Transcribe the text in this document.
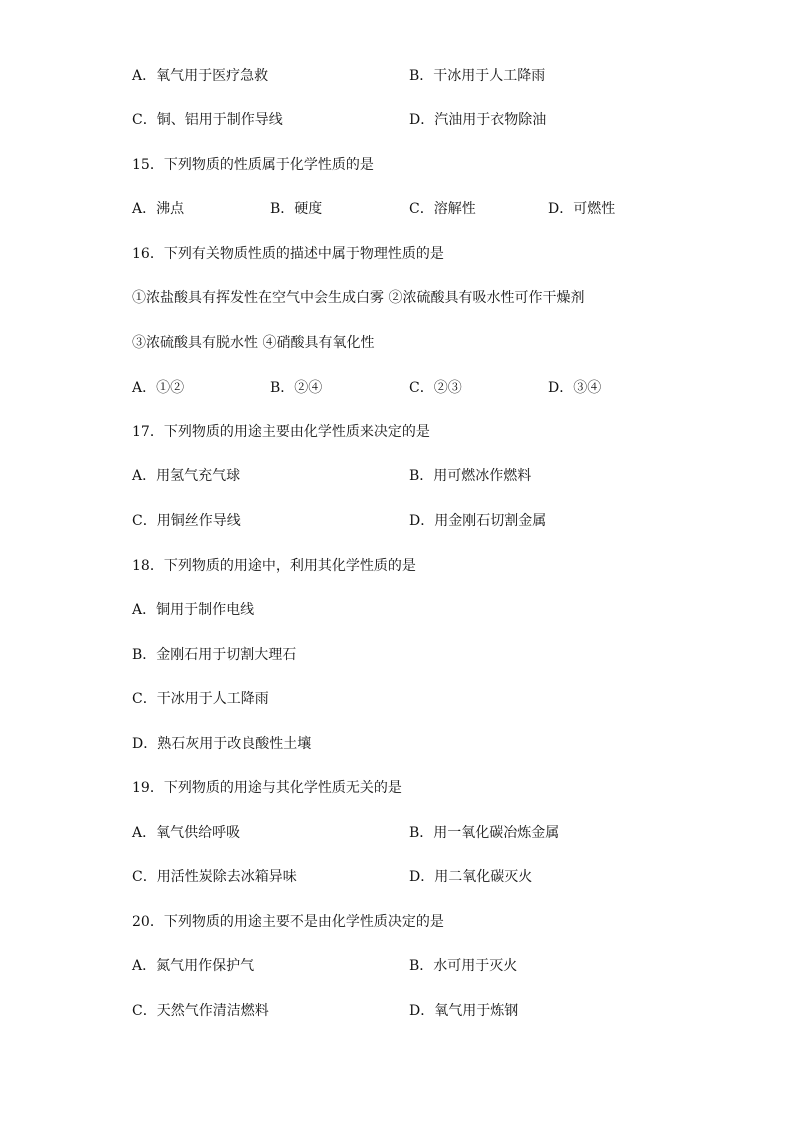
A．氧气用于医疗急救	B．干冰用于人工降雨
C．铜、铝用于制作导线	D．汽油用于衣物除油
15．下列物质的性质属于化学性质的是
A．沸点	B．硬度	C．溶解性	D．可燃性
16．下列有关物质性质的描述中属于物理性质的是
①浓盐酸具有挥发性在空气中会生成白雾 ②浓硫酸具有吸水性可作干燥剂
③浓硫酸具有脱水性 ④硝酸具有氧化性
A．①②	B．②④	C．②③	D．③④
17．下列物质的用途主要由化学性质来决定的是
A．用氢气充气球	B．用可燃冰作燃料
C．用铜丝作导线	D．用金刚石切割金属
18．下列物质的用途中，利用其化学性质的是
A．铜用于制作电线
B．金刚石用于切割大理石
C．干冰用于人工降雨
D．熟石灰用于改良酸性土壤
19．下列物质的用途与其化学性质无关的是
A．氧气供给呼吸	B．用一氧化碳冶炼金属
C．用活性炭除去冰箱异味	D．用二氧化碳灭火
20．下列物质的用途主要不是由化学性质决定的是
A．氮气用作保护气	B．水可用于灭火
C．天然气作清洁燃料	D．氧气用于炼钢
